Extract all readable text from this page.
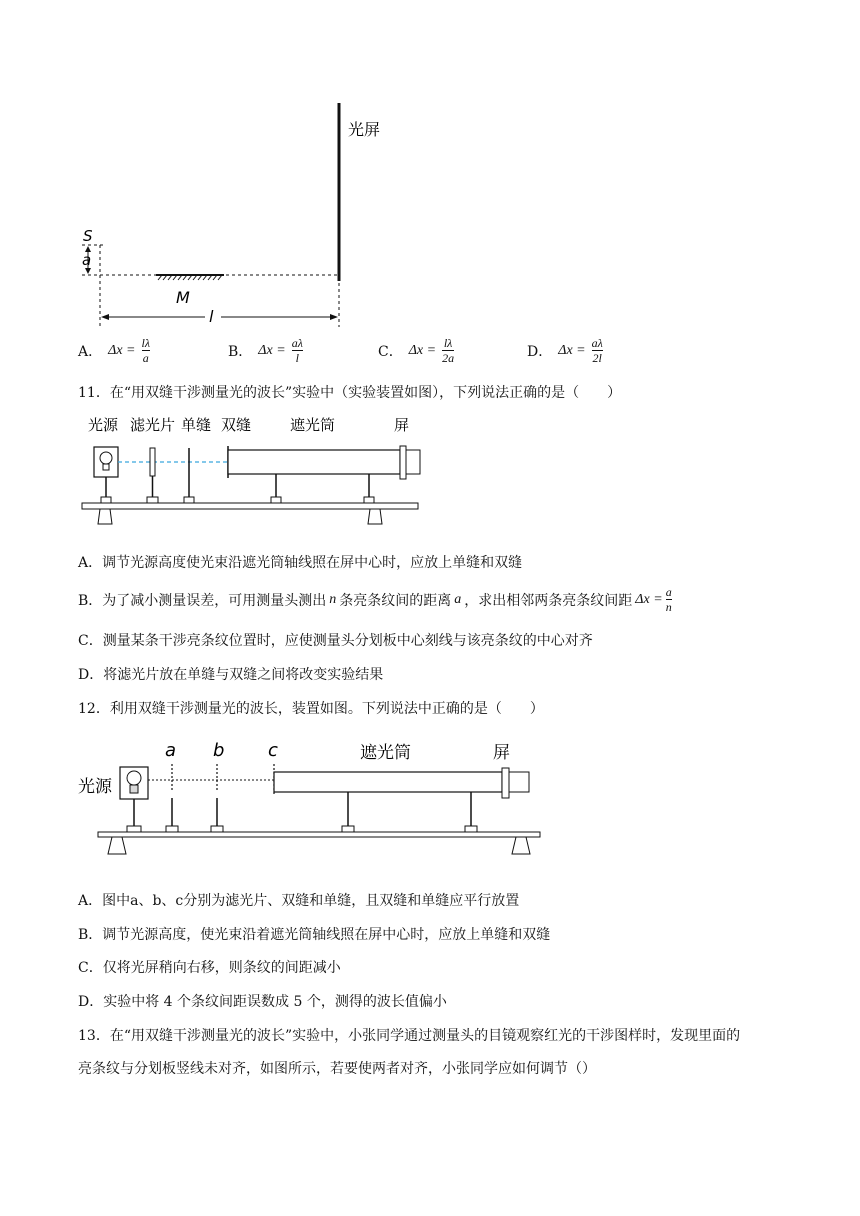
光屏
S
a
M
l
A． $\Delta x = \frac{l\lambda}{a}$	B． $\Delta x = \frac{a\lambda}{l}$	C． $\Delta x = \frac{l\lambda}{2a}$	D． $\Delta x = \frac{a\lambda}{2l}$
11．在“用双缝干涉测量光的波长”实验中（实验装置如图），下列说法正确的是（　　）
光源 滤光片 单缝 双缝	遮光筒	屏
A．调节光源高度使光束沿遮光筒轴线照在屏中心时，应放上单缝和双缝
B．为了减小测量误差，可用测量头测出 n 条亮条纹间的距离 a ，求出相邻两条亮条纹间距 $\Delta x = \frac{a}{n}$
C．测量某条干涉亮条纹位置时，应使测量头分划板中心刻线与该亮条纹的中心对齐
D．将滤光片放在单缝与双缝之间将改变实验结果
12．利用双缝干涉测量光的波长，装置如图。下列说法中正确的是（　　）
a b c	遮光筒	屏
光源
A．图中a、b、c分别为滤光片、双缝和单缝，且双缝和单缝应平行放置
B．调节光源高度，使光束沿着遮光筒轴线照在屏中心时，应放上单缝和双缝
C．仅将光屏稍向右移，则条纹的间距减小
D．实验中将 4 个条纹间距误数成 5 个，测得的波长值偏小
13．在“用双缝干涉测量光的波长”实验中，小张同学通过测量头的目镜观察红光的干涉图样时，发现里面的
亮条纹与分划板竖线未对齐，如图所示，若要使两者对齐，小张同学应如何调节（）
